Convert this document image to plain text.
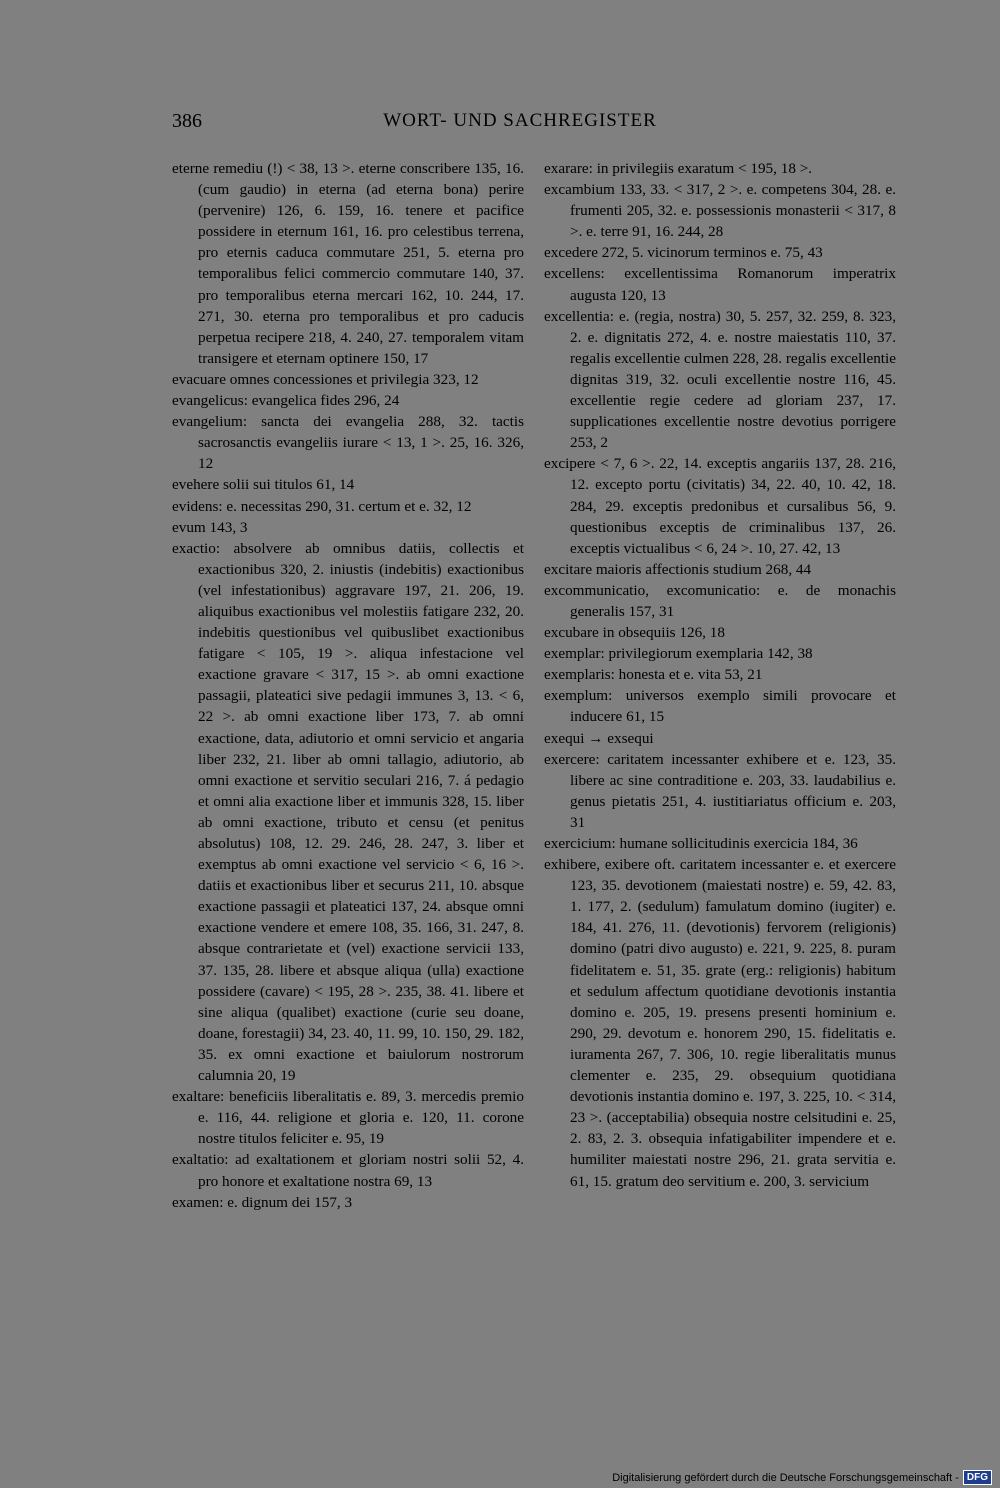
386	WORT- UND SACHREGISTER
eterne remediu (!) < 38, 13 >. eterne conscribere 135, 16. (cum gaudio) in eterna (ad eterna bona) perire (pervenire) 126, 6. 159, 16. tenere et pacifice possidere in eternum 161, 16. pro celestibus terrena, pro eternis caduca commutare 251, 5. eterna pro temporalibus felici commercio commutare 140, 37. pro temporalibus eterna mercari 162, 10. 244, 17. 271, 30. eterna pro temporalibus et pro caducis perpetua recipere 218, 4. 240, 27. temporalem vitam transigere et eternam optinere 150, 17
evacuare omnes concessiones et privilegia 323, 12
evangelicus: evangelica fides 296, 24
evangelium: sancta dei evangelia 288, 32. tactis sacrosanctis evangeliis iurare < 13, 1 >. 25, 16. 326, 12
evehere solii sui titulos 61, 14
evidens: e. necessitas 290, 31. certum et e. 32, 12
evum 143, 3
exactio: absolvere ab omnibus datiis, collectis et exactionibus 320, 2. iniustis (indebitis) exactionibus (vel infestationibus) aggravare 197, 21. 206, 19. aliquibus exactionibus vel molestiis fatigare 232, 20. indebitis questionibus vel quibuslibet exactionibus fatigare < 105, 19 >. aliqua infestacione vel exactione gravare < 317, 15 >. ab omni exactione passagii, plateatici sive pedagii immunes 3, 13. < 6, 22 >. ab omni exactione liber 173, 7. ab omni exactione, data, adiutorio et omni servicio et angaria liber 232, 21. liber ab omni tallagio, adiutorio, ab omni exactione et servitio seculari 216, 7. á pedagio et omni alia exactione liber et immunis 328, 15. liber ab omni exactione, tributo et censu (et penitus absolutus) 108, 12. 29. 246, 28. 247, 3. liber et exemptus ab omni exactione vel servicio < 6, 16 >. datiis et exactionibus liber et securus 211, 10. absque exactione passagii et plateatici 137, 24. absque omni exactione vendere et emere 108, 35. 166, 31. 247, 8. absque contrarietate et (vel) exactione servicii 133, 37. 135, 28. libere et absque aliqua (ulla) exactione possidere (cavare) < 195, 28 >. 235, 38. 41. libere et sine aliqua (qualibet) exactione (curie seu doane, doane, forestagii) 34, 23. 40, 11. 99, 10. 150, 29. 182, 35. ex omni exactione et baiulorum nostrorum calumnia 20, 19
exaltare: beneficiis liberalitatis e. 89, 3. mercedis premio e. 116, 44. religione et gloria e. 120, 11. corone nostre titulos feliciter e. 95, 19
exaltatio: ad exaltationem et gloriam nostri solii 52, 4. pro honore et exaltatione nostra 69, 13
examen: e. dignum dei 157, 3
exarare: in privilegiis exaratum < 195, 18 >.
excambium 133, 33. < 317, 2 >. e. competens 304, 28. e. frumenti 205, 32. e. possessionis monasterii < 317, 8 >. e. terre 91, 16. 244, 28
excedere 272, 5. vicinorum terminos e. 75, 43
excellens: excellentissima Romanorum imperatrix augusta 120, 13
excellentia: e. (regia, nostra) 30, 5. 257, 32. 259, 8. 323, 2. e. dignitatis 272, 4. e. nostre maiestatis 110, 37. regalis excellentie culmen 228, 28. regalis excellentie dignitas 319, 32. oculi excellentie nostre 116, 45. excellentie regie cedere ad gloriam 237, 17. supplicationes excellentie nostre devotius porrigere 253, 2
excipere < 7, 6 >. 22, 14. exceptis angariis 137, 28. 216, 12. excepto portu (civitatis) 34, 22. 40, 10. 42, 18. 284, 29. exceptis predonibus et cursalibus 56, 9. questionibus exceptis de criminalibus 137, 26. exceptis victualibus < 6, 24 >. 10, 27. 42, 13
excitare maioris affectionis studium 268, 44
excommunicatio, excomunicatio: e. de monachis generalis 157, 31
excubare in obsequiis 126, 18
exemplar: privilegiorum exemplaria 142, 38
exemplaris: honesta et e. vita 53, 21
exemplum: universos exemplo simili provocare et inducere 61, 15
exequi → exsequi
exercere: caritatem incessanter exhibere et e. 123, 35. libere ac sine contraditione e. 203, 33. laudabilius e. genus pietatis 251, 4. iustitiariatus officium e. 203, 31
exercicium: humane sollicitudinis exercicia 184, 36
exhibere, exibere oft. caritatem incessanter e. et exercere 123, 35. devotionem (maiestati nostre) e. 59, 42. 83, 1. 177, 2. (sedulum) famulatum domino (iugiter) e. 184, 41. 276, 11. (devotionis) fervorem (religionis) domino (patri divo augusto) e. 221, 9. 225, 8. puram fidelitatem e. 51, 35. grate (erg.: religionis) habitum et sedulum affectum quotidiane devotionis instantia domino e. 205, 19. presens presenti hominium e. 290, 29. devotum e. honorem 290, 15. fidelitatis e. iuramenta 267, 7. 306, 10. regie liberalitatis munus clementer e. 235, 29. obsequium quotidiana devotionis instantia domino e. 197, 3. 225, 10. < 314, 23 >. (acceptabilia) obsequia nostre celsitudini e. 25, 2. 83, 2. 3. obsequia infatigabiliter impendere et e. humiliter maiestati nostre 296, 21. grata servitia e. 61, 15. gratum deo servitium e. 200, 3. servicium
Digitalisierung gefördert durch die Deutsche Forschungsgemeinschaft - DFG
